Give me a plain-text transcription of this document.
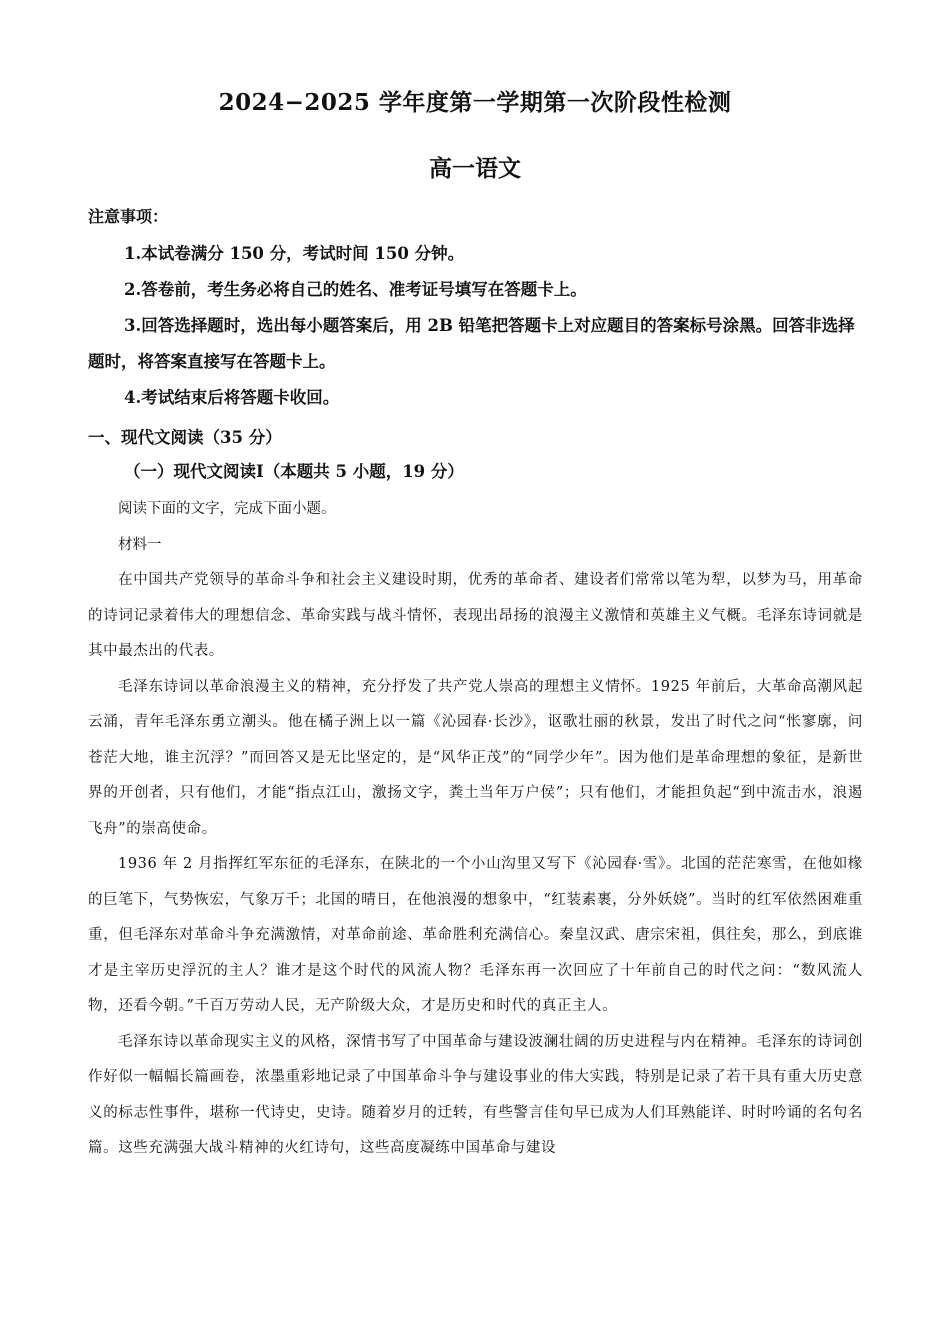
2024−2025 学年度第一学期第一次阶段性检测
高一语文
注意事项：

1.本试卷满分 150 分，考试时间 150 分钟。

2.答卷前，考生务必将自己的姓名、准考证号填写在答题卡上。

3.回答选择题时，选出每小题答案后，用 2B 铅笔把答题卡上对应题目的答案标号涂黑。回答非选择题时，将答案直接写在答题卡上。

4.考试结束后将答题卡收回。

一、现代文阅读（35 分）
（一）现代文阅读Ⅰ（本题共 5 小题，19 分）
阅读下面的文字，完成下面小题。
材料一

在中国共产党领导的革命斗争和社会主义建设时期，优秀的革命者、建设者们常常以笔为犁，以梦为马，用革命的诗词记录着伟大的理想信念、革命实践与战斗情怀，表现出昂扬的浪漫主义激情和英雄主义气概。毛泽东诗词就是其中最杰出的代表。

毛泽东诗词以革命浪漫主义的精神，充分抒发了共产党人崇高的理想主义情怀。1925 年前后，大革命高潮风起云涌，青年毛泽东勇立潮头。他在橘子洲上以一篇《沁园春·长沙》，讴歌壮丽的秋景，发出了时代之问“怅寥廓，问苍茫大地，谁主沉浮？”而回答又是无比坚定的，是“风华正茂”的“同学少年”。因为他们是革命理想的象征，是新世界的开创者，只有他们，才能“指点江山，激扬文字，粪土当年万户侯”；只有他们，才能担负起“到中流击水，浪遏飞舟”的崇高使命。

1936 年 2 月指挥红军东征的毛泽东，在陕北的一个小山沟里又写下《沁园春·雪》。北国的茫茫寒雪，在他如椽的巨笔下，气势恢宏，气象万千；北国的晴日，在他浪漫的想象中，“红装素裹，分外妖娆”。当时的红军依然困难重重，但毛泽东对革命斗争充满激情，对革命前途、革命胜利充满信心。秦皇汉武、唐宗宋祖，俱往矣，那么，到底谁才是主宰历史浮沉的主人？谁才是这个时代的风流人物？毛泽东再一次回应了十年前自己的时代之问：“数风流人物，还看今朝。”千百万劳动人民，无产阶级大众，才是历史和时代的真正主人。

毛泽东诗以革命现实主义的风格，深情书写了中国革命与建设波澜壮阔的历史进程与内在精神。毛泽东的诗词创作好似一幅幅长篇画卷，浓墨重彩地记录了中国革命斗争与建设事业的伟大实践，特别是记录了若干具有重大历史意义的标志性事件，堪称一代诗史，史诗。随着岁月的迁转，有些警言佳句早已成为人们耳熟能详、时时吟诵的名句名篇。这些充满强大战斗精神的火红诗句，这些高度凝练中国革命与建设
